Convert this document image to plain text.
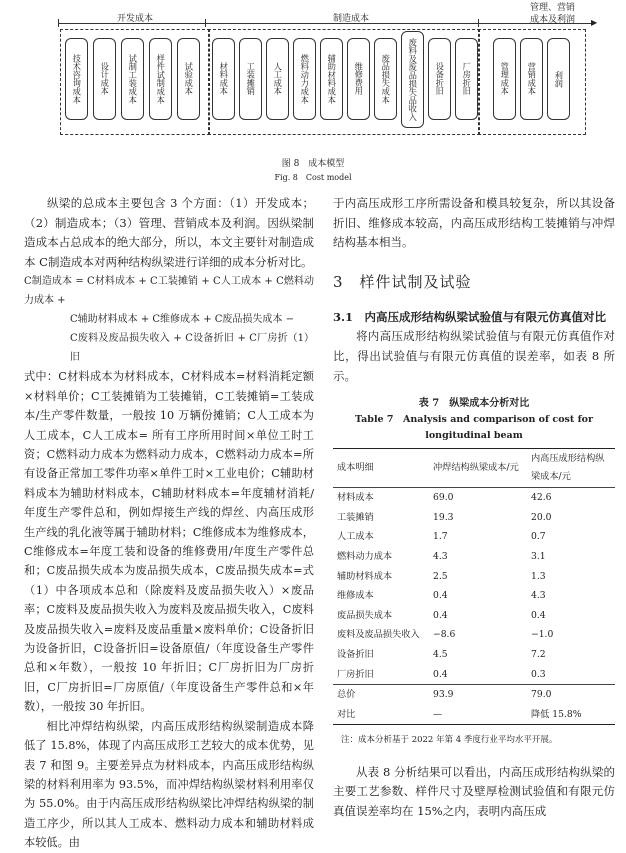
开发成本	制造成本
管理、营销
成本及利润 ▶
技术咨询成本	设计成本	试制工装成本	样件试制成本	试验成本	材料成本	工装摊销	人工成本	燃料动力成本	辅助材料成本	维修费用	废品损失成本	废料及废品损失品收入	设备折旧	厂房折旧	管理成本	营销成本	利润
图 8　成本模型
Fig. 8　Cost model

纵梁的总成本主要包含 3 个方面：（1）开发成本；（2）制造成本；（3）管理、营销成本及利润。因纵梁制造成本占总成本的绝大部分，所以，本文主要针对制造成本 C制造成本对两种结构纵梁进行详细的成本分析对比。

C制造成本 = C材料成本 + C工装摊销 + C人工成本 + C燃料动力成本 +
C辅助材料成本 + C维修成本 + C废品损失成本 −
C废料及废品损失收入 + C设备折旧 + C厂房折旧
（1）

式中：C材料成本为材料成本，C材料成本=材料消耗定额×材料单价；C工装摊销为工装摊销，C工装摊销=工装成本/生产零件数量，一般按 10 万辆份摊销；C人工成本为人工成本，C人工成本= 所有工序所用时间×单位工时工资；C燃料动力成本为燃料动力成本，C燃料动力成本=所有设备正常加工零件功率×单件工时×工业电价；C辅助材料成本为辅助材料成本，C辅助材料成本=年度辅材消耗/年度生产零件总和，例如焊接生产线的焊丝、内高压成形生产线的乳化液等属于辅助材料；C维修成本为维修成本，C维修成本=年度工装和设备的维修费用/年度生产零件总和；C废品损失成本为废品损失成本，C废品损失成本=式（1）中各项成本总和（除废料及废品损失收入）×废品率；C废料及废品损失收入为废料及废品损失收入，C废料及废品损失收入=废料及废品重量×废料单价；C设备折旧为设备折旧，C设备折旧=设备原值/（年度设备生产零件总和×年数），一般按 10 年折旧；C厂房折旧为厂房折旧，C厂房折旧=厂房原值/（年度设备生产零件总和×年数），一般按 30 年折旧。

相比冲焊结构纵梁，内高压成形结构纵梁制造成本降低了 15.8%，体现了内高压成形工艺较大的成本优势，见表 7 和图 9。主要差异点为材料成本，内高压成形结构纵梁的材料利用率为 93.5%，而冲焊结构纵梁材料利用率仅为 55.0%。由于内高压成形结构纵梁比冲焊结构纵梁的制造工序少，所以其人工成本、燃料动力成本和辅助材料成本较低。由

于内高压成形工序所需设备和模具较复杂，所以其设备折旧、维修成本较高，内高压成形结构工装摊销与冲焊结构基本相当。

3　样件试制及试验
3.1　内高压成形结构纵梁试验值与有限元仿真值对比

将内高压成形结构纵梁试验值与有限元仿真值作对比，得出试验值与有限元仿真值的误差率，如表 8 所示。

表 7　纵梁成本分析对比
Table 7　Analysis and comparison of cost for
longitudinal beam
成本明细	冲焊结构纵梁成本/元	内高压成形结构纵梁成本/元
材料成本	69.0	42.6
工装摊销	19.3	20.0
人工成本	1.7	0.7
燃料动力成本	4.3	3.1
辅助材料成本	2.5	1.3
维修成本	0.4	4.3
废品损失成本	0.4	0.4
废料及废品损失收入	−8.6	−1.0
设备折旧	4.5	7.2
厂房折旧	0.4	0.3
总价	93.9	79.0
对比	—	降低 15.8%
注：成本分析基于 2022 年第 4 季度行业平均水平开展。

从表 8 分析结果可以看出，内高压成形结构纵梁的主要工艺参数、样件尺寸及壁厚检测试验值和有限元仿真值误差率均在 15%之内，表明内高压成
